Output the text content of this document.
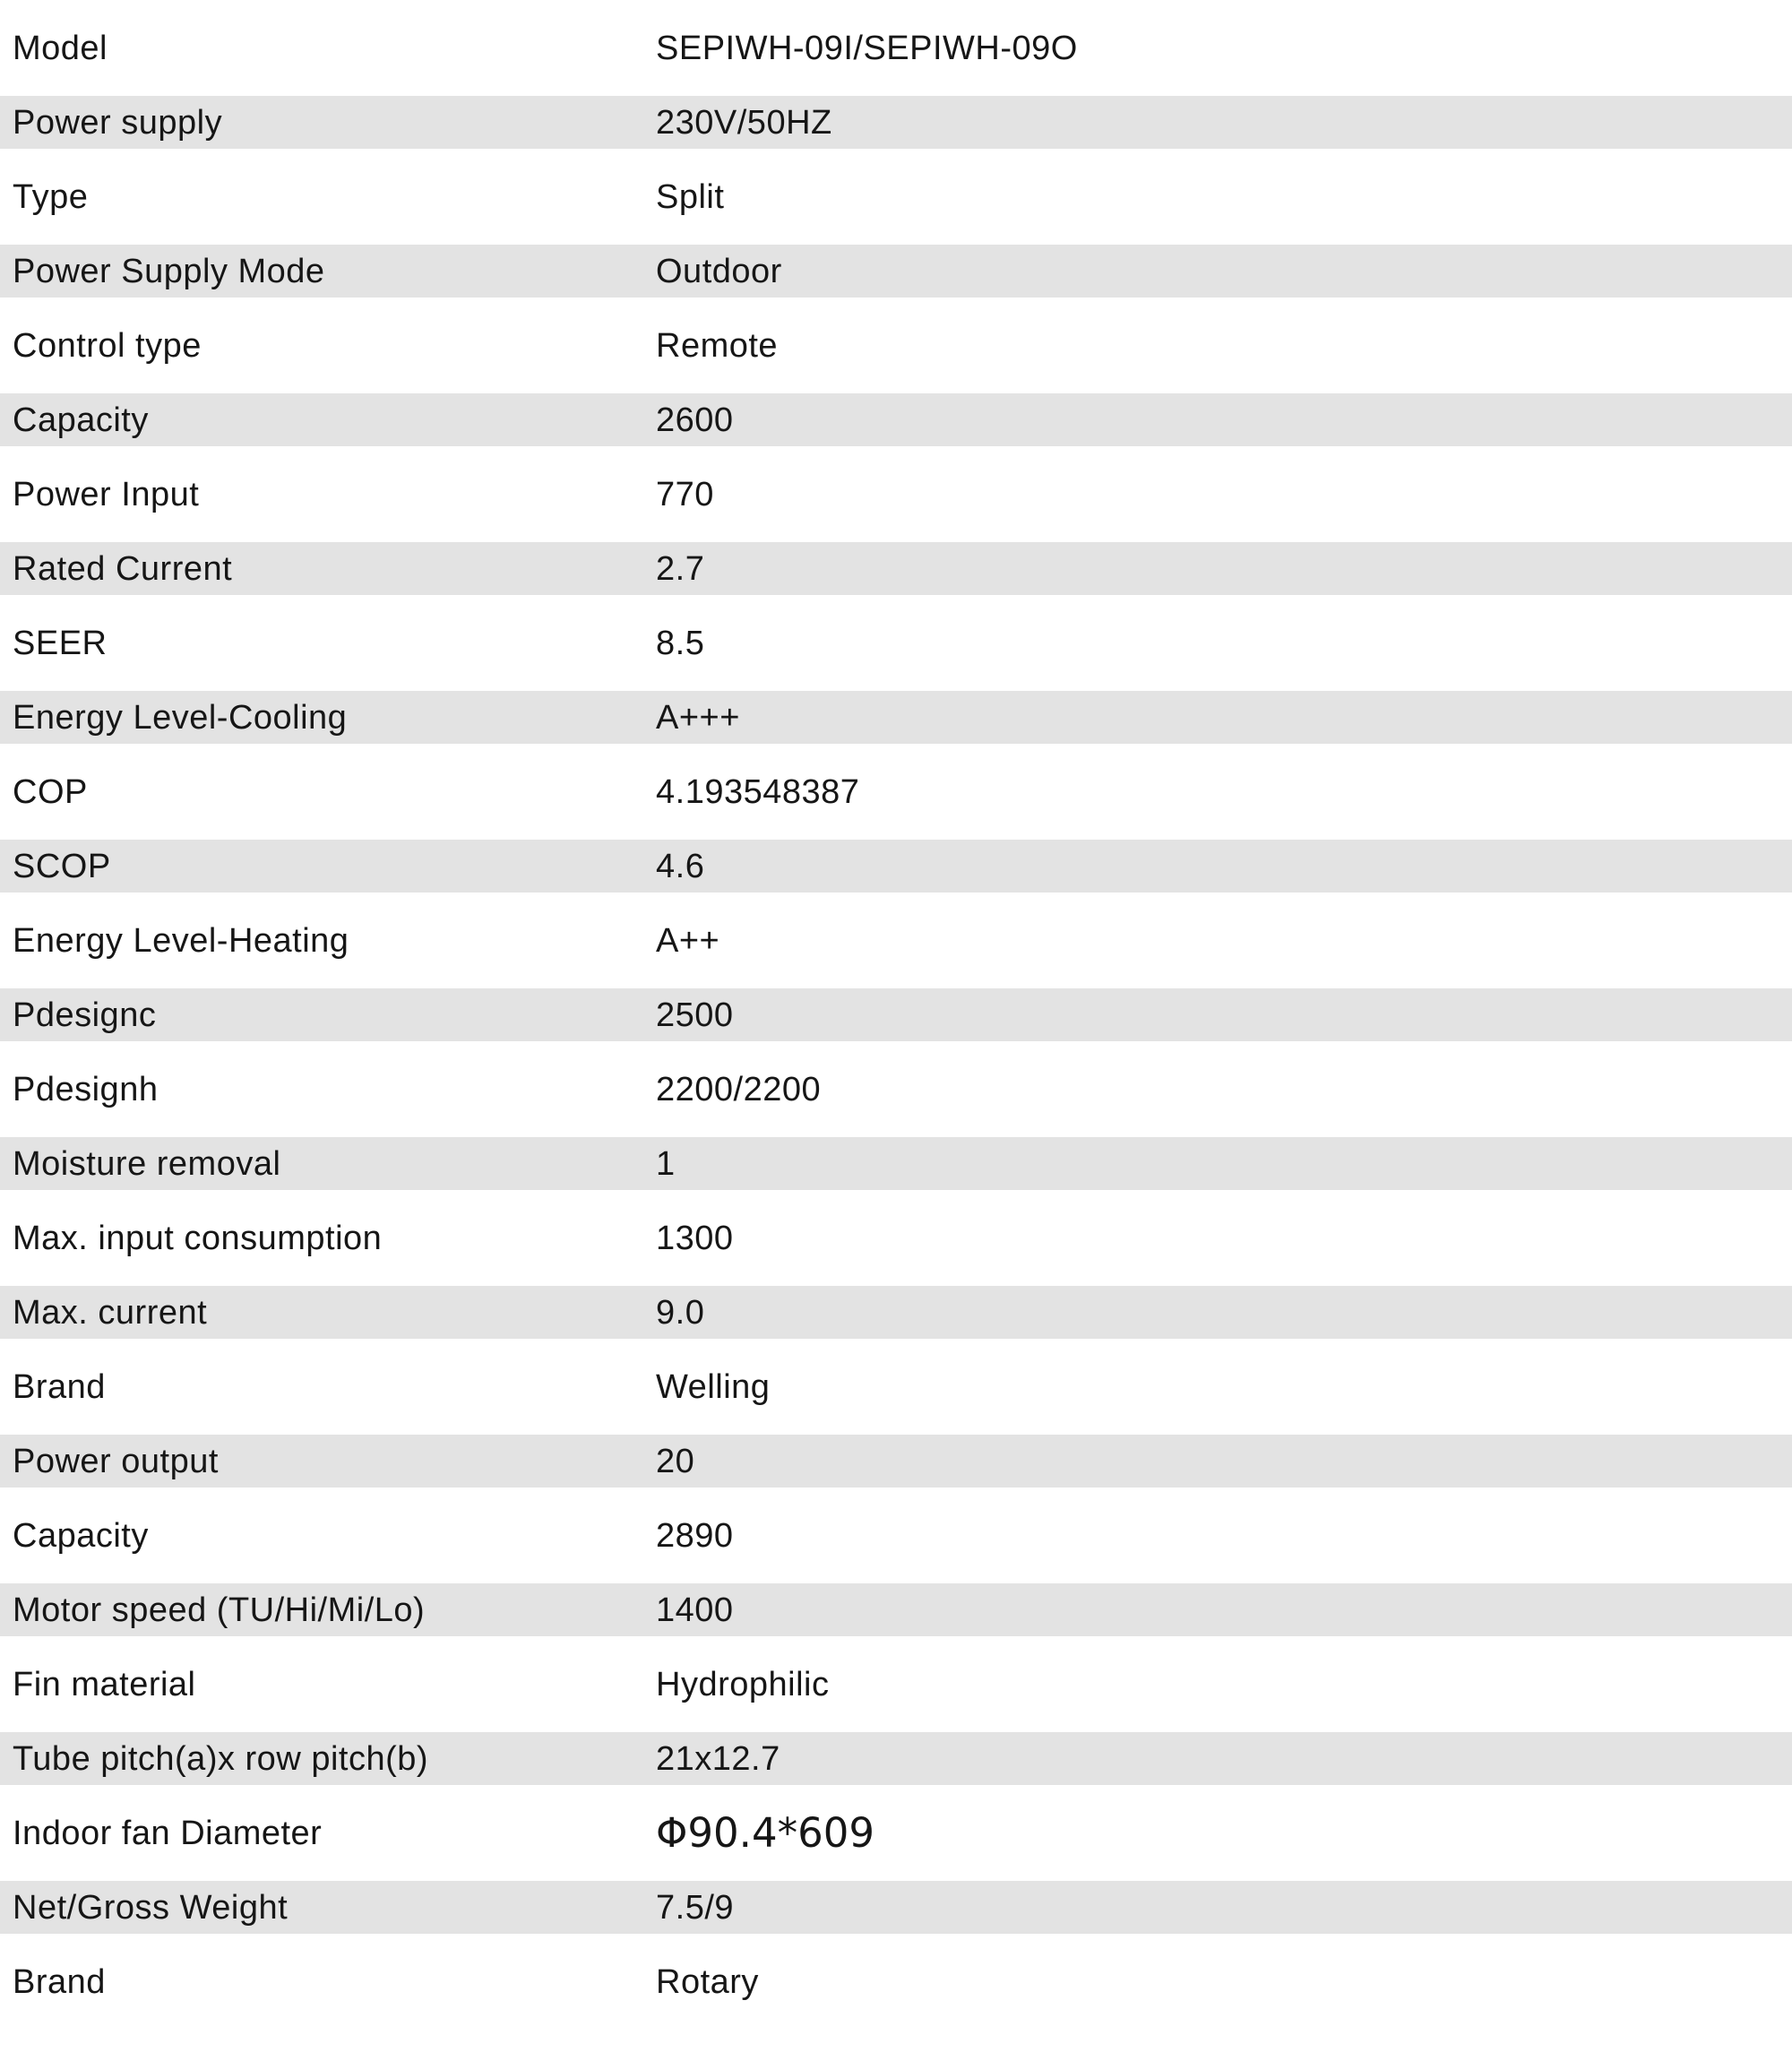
Model	SEPIWH-09I/SEPIWH-09O
Power supply	230V/50HZ
Type	Split
Power Supply Mode	Outdoor
Control type	Remote
Capacity	2600
Power Input	770
Rated Current	2.7
SEER	8.5
Energy Level-Cooling	A+++
COP	4.193548387
SCOP	4.6
Energy Level-Heating	A++
Pdesignc	2500
Pdesignh	2200/2200
Moisture removal	1
Max. input consumption	1300
Max. current	9.0
Brand	Welling
Power output	20
Capacity	2890
Motor speed (TU/Hi/Mi/Lo)	1400
Fin material	Hydrophilic
Tube pitch(a)x row pitch(b)	21x12.7
Indoor fan Diameter	Φ90.4*609
Net/Gross Weight	7.5/9
Brand	Rotary
